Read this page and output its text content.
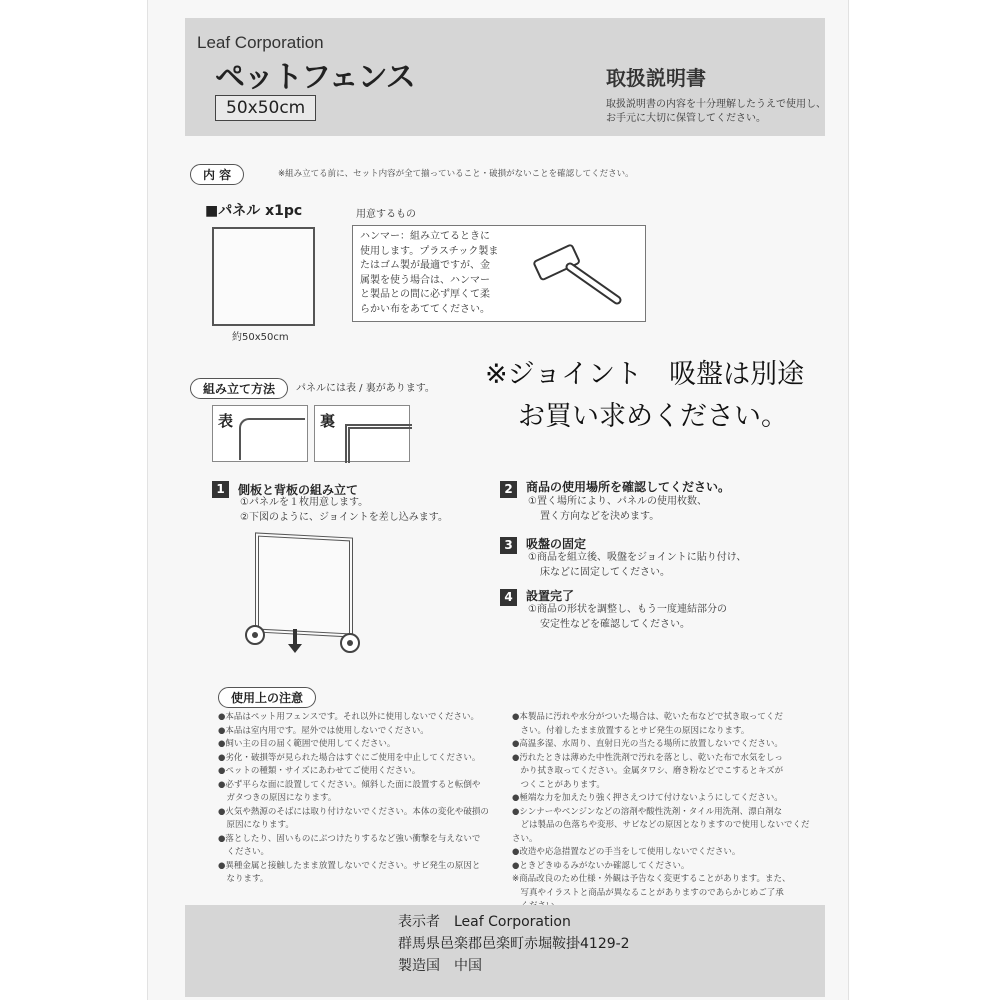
Leaf Corporation
ペットフェンス
50x50cm
取扱説明書
取扱説明書の内容を十分理解したうえで使用し、
お手元に大切に保管してください。
内 容	※組み立てる前に、セット内容が全て揃っていること・破損がないことを確認してください。
■パネル x1pc
約50x50cm
用意するもの
ハンマー：組み立てるときに
使用します。プラスチック製ま
たはゴム製が最適ですが、金
属製を使う場合は、ハンマー
と製品との間に必ず厚くて柔
らかい布をあててください。
※ジョイント　吸盤は別途
お買い求めください。
組み立て方法	パネルには表 / 裏があります。
表	裏
1	側板と背板の組み立て
①パネルを１枚用意します。
②下図のように、ジョイントを差し込みます。
2	商品の使用場所を確認してください。
①置く場所により、パネルの使用枚数、
置く方向などを決めます。
3	吸盤の固定
①商品を組立後、吸盤をジョイントに貼り付け、
床などに固定してください。
4	設置完了
①商品の形状を調整し、もう一度連結部分の
安定性などを確認してください。
使用上の注意
●本品はペット用フェンスです。それ以外に使用しないでください。
●本品は室内用です。屋外では使用しないでください。
●飼い主の目の届く範囲で使用してください。
●劣化・破損等が見られた場合はすぐにご使用を中止してください。
●ペットの種類・サイズにあわせてご使用ください。
●必ず平らな面に設置してください。傾斜した面に設置すると転倒や
　ガタつきの原因になります。
●火気や熱源のそばには取り付けないでください。本体の変化や破損の
　原因になります。
●落としたり、固いものにぶつけたりするなど強い衝撃を与えないで
　ください。
●異種金属と接触したまま放置しないでください。サビ発生の原因と
　なります。
●本製品に汚れや水分がついた場合は、乾いた布などで拭き取ってくだ
　さい。付着したまま放置するとサビ発生の原因になります。
●高温多湿、水周り、直射日光の当たる場所に放置しないでください。
●汚れたときは薄めた中性洗剤で汚れを落とし、乾いた布で水気をしっ
　かり拭き取ってください。金属タワシ、磨き粉などでこするとキズが
　つくことがあります。
●極端な力を加えたり強く押さえつけて付けないようにしてください。
●シンナーやベンジンなどの溶剤や酸性洗剤・タイル用洗剤、漂白剤な
　どは製品の色落ちや変形、サビなどの原因となりますので使用しないでください。
●改造や応急措置などの手当をして使用しないでください。
●ときどきゆるみがないか確認してください。
※商品改良のため仕様・外観は予告なく変更することがあります。また、
　写真やイラストと商品が異なることがありますのであらかじめご了承
表示者　Leaf Corporation
群馬県邑楽郡邑楽町赤堀鞍掛4129-2
製造国　中国
